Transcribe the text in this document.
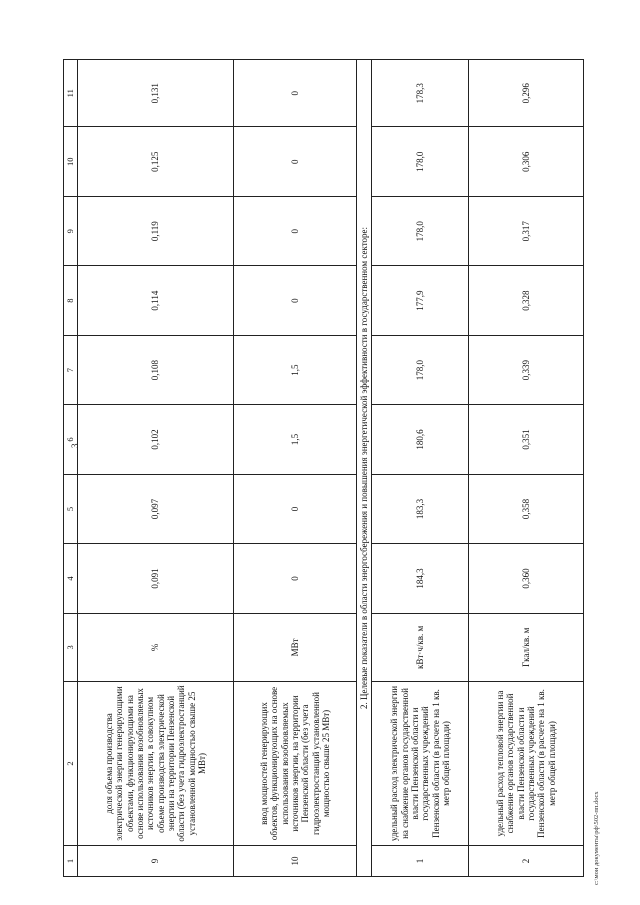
3
1	2	3	4	5	6	7	8	9	10	11
9	доля объема производства электрической энергии генерирующими объектами, функционирующими на основе использования возобновляемых источников энергии, в совокупном объеме производства электрической энергии на территории Пензенской области (без учета гидроэлектростанций установленной мощностью свыше 25 МВт)	%	0,091	0,097	0,102	0,108	0,114	0,119	0,125	0,131
10	ввод мощностей генерирующих объектов, функционирующих на основе использования возобновляемых источников энергии, на территории Пензенской области (без учета гидроэлектростанций установленной мощностью свыше 25 МВт)	МВт	0	0	1,5	1,5	0	0	0	0
2. Целевые показатели в области энергосбережения и повышения энергетической эффективности в государственном секторе:										
1	удельный расход электрической энергии на снабжение органов государственной власти Пензенской области и государственных учреждений Пензенской области (в расчете на 1 кв. метр общей площади)	кВт·ч/кв. м	184,3	183,3	180,6	178,0	177,9	178,0	178,0	178,3
2	удельный расход тепловой энергии на снабжение органов государственной власти Пензенской области и государственных учреждений Пензенской области (в расчете на 1 кв. метр общей площади)	Гкал/кв. м	0,360	0,358	0,351	0,339	0,328	0,317	0,306	0,296
c:\мои документы\рф\502-пп.docx
